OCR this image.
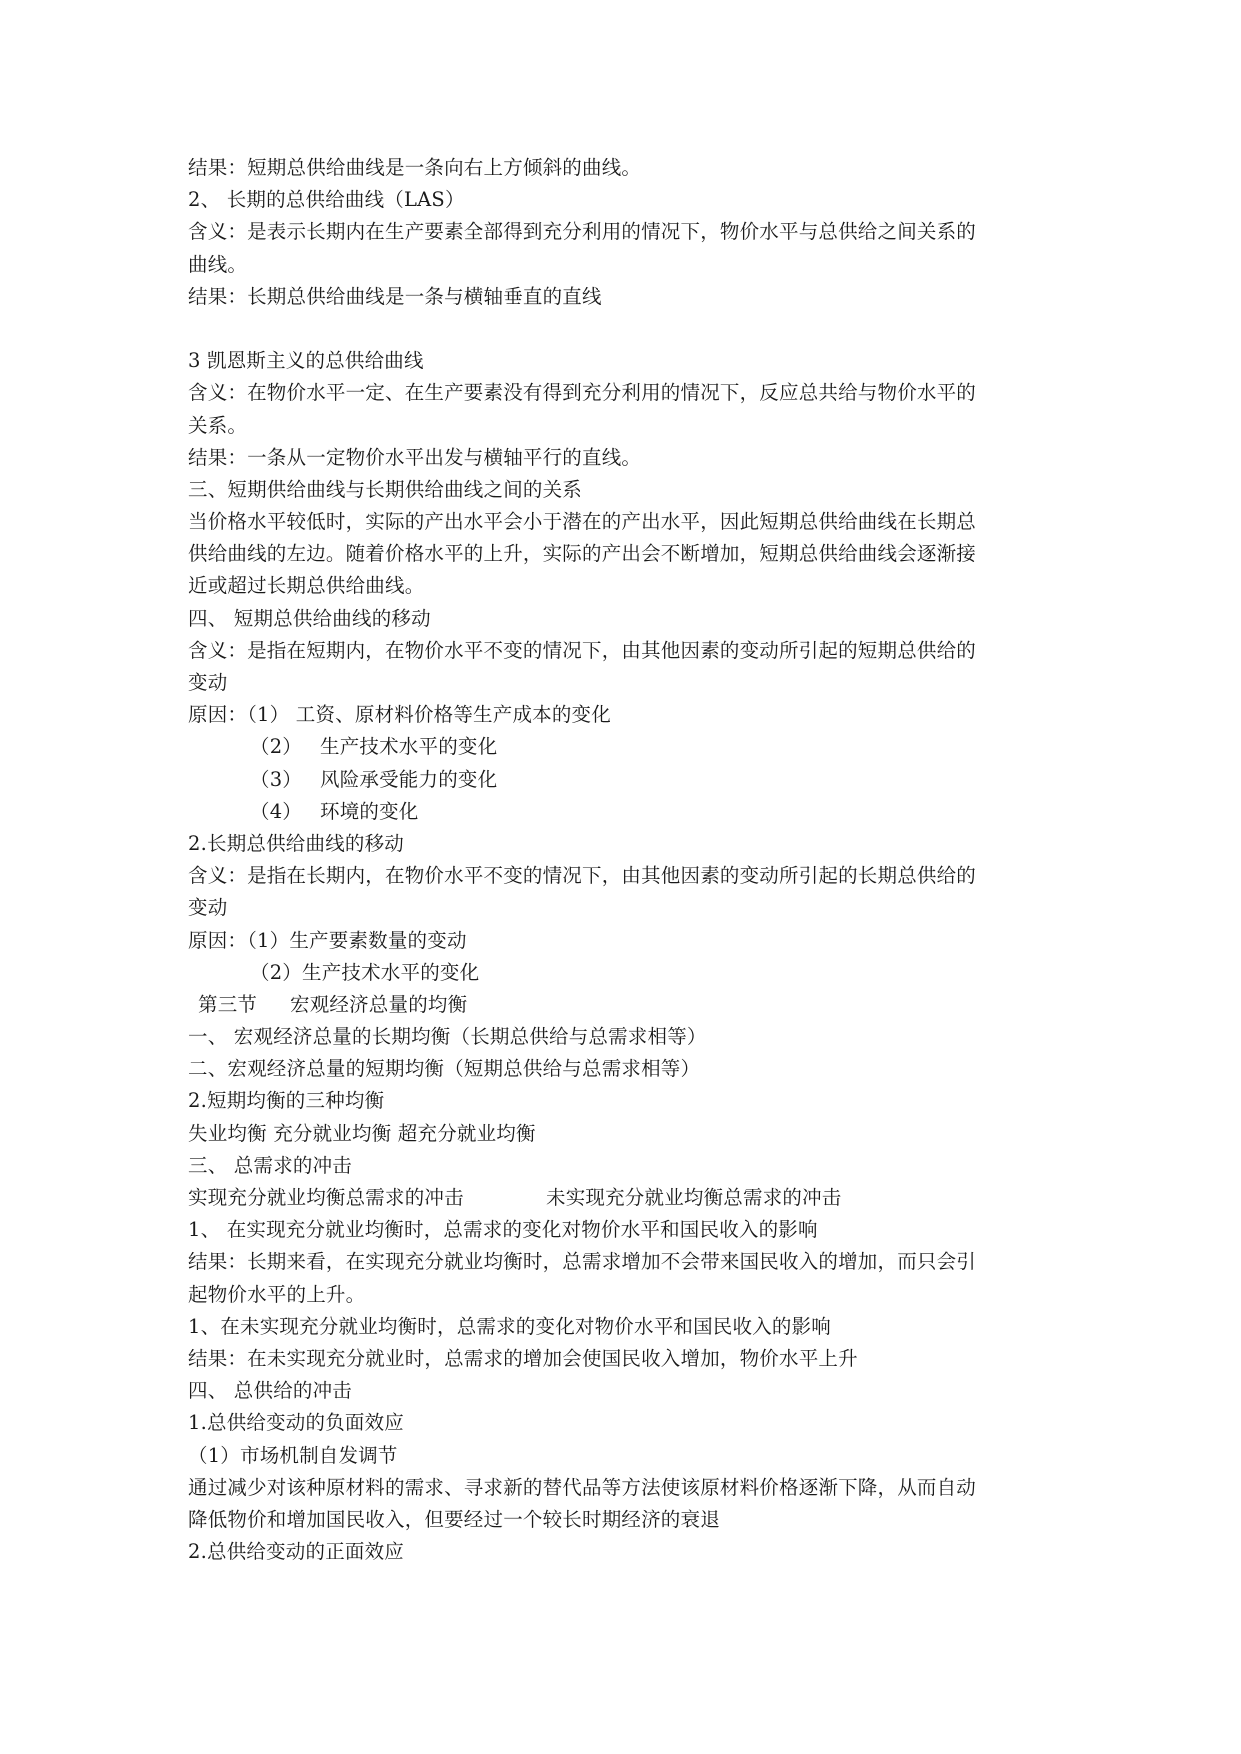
结果：短期总供给曲线是一条向右上方倾斜的曲线。
2、 长期的总供给曲线（LAS）
含义：是表示长期内在生产要素全部得到充分利用的情况下，物价水平与总供给之间关系的
曲线。
结果：长期总供给曲线是一条与横轴垂直的直线
3 凯恩斯主义的总供给曲线
含义：在物价水平一定、在生产要素没有得到充分利用的情况下，反应总共给与物价水平的
关系。
结果：一条从一定物价水平出发与横轴平行的直线。
三、短期供给曲线与长期供给曲线之间的关系
当价格水平较低时，实际的产出水平会小于潜在的产出水平，因此短期总供给曲线在长期总
供给曲线的左边。随着价格水平的上升，实际的产出会不断增加，短期总供给曲线会逐渐接
近或超过长期总供给曲线。
四、 短期总供给曲线的移动
含义：是指在短期内，在物价水平不变的情况下，由其他因素的变动所引起的短期总供给的
变动
原因：（1） 工资、原材料价格等生产成本的变化
（2） 生产技术水平的变化
（3） 风险承受能力的变化
（4） 环境的变化
2.长期总供给曲线的移动
含义：是指在长期内，在物价水平不变的情况下，由其他因素的变动所引起的长期总供给的
变动
原因：（1）生产要素数量的变动
（2）生产技术水平的变化
第三节 宏观经济总量的均衡
一、 宏观经济总量的长期均衡（长期总供给与总需求相等）
二、宏观经济总量的短期均衡（短期总供给与总需求相等）
2.短期均衡的三种均衡
失业均衡 充分就业均衡 超充分就业均衡
三、 总需求的冲击
实现充分就业均衡总需求的冲击	未实现充分就业均衡总需求的冲击
1、 在实现充分就业均衡时，总需求的变化对物价水平和国民收入的影响
结果：长期来看，在实现充分就业均衡时，总需求增加不会带来国民收入的增加，而只会引
起物价水平的上升。
1、在未实现充分就业均衡时，总需求的变化对物价水平和国民收入的影响
结果：在未实现充分就业时，总需求的增加会使国民收入增加，物价水平上升
四、 总供给的冲击
1.总供给变动的负面效应
（1）市场机制自发调节
通过减少对该种原材料的需求、寻求新的替代品等方法使该原材料价格逐渐下降，从而自动
降低物价和增加国民收入，但要经过一个较长时期经济的衰退
2.总供给变动的正面效应
